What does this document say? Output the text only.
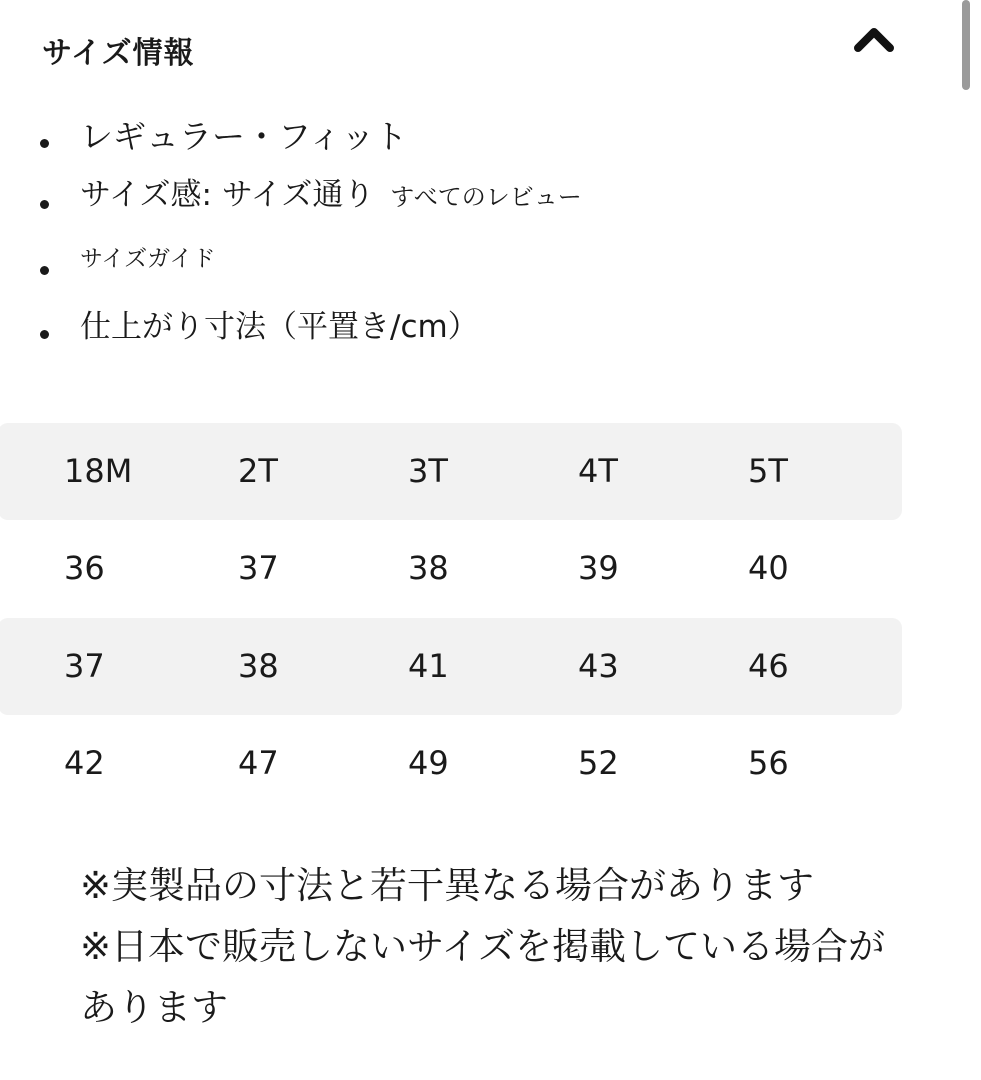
サイズ情報
レギュラー・フィット
サイズ感: サイズ通り すべてのレビュー
サイズガイド
仕上がり寸法（平置き/cm）
18M	2T	3T	4T	5T
36	37	38	39	40
37	38	41	43	46
42	47	49	52	56
※実製品の寸法と若干異なる場合があります
※日本で販売しないサイズを掲載している場合があります
